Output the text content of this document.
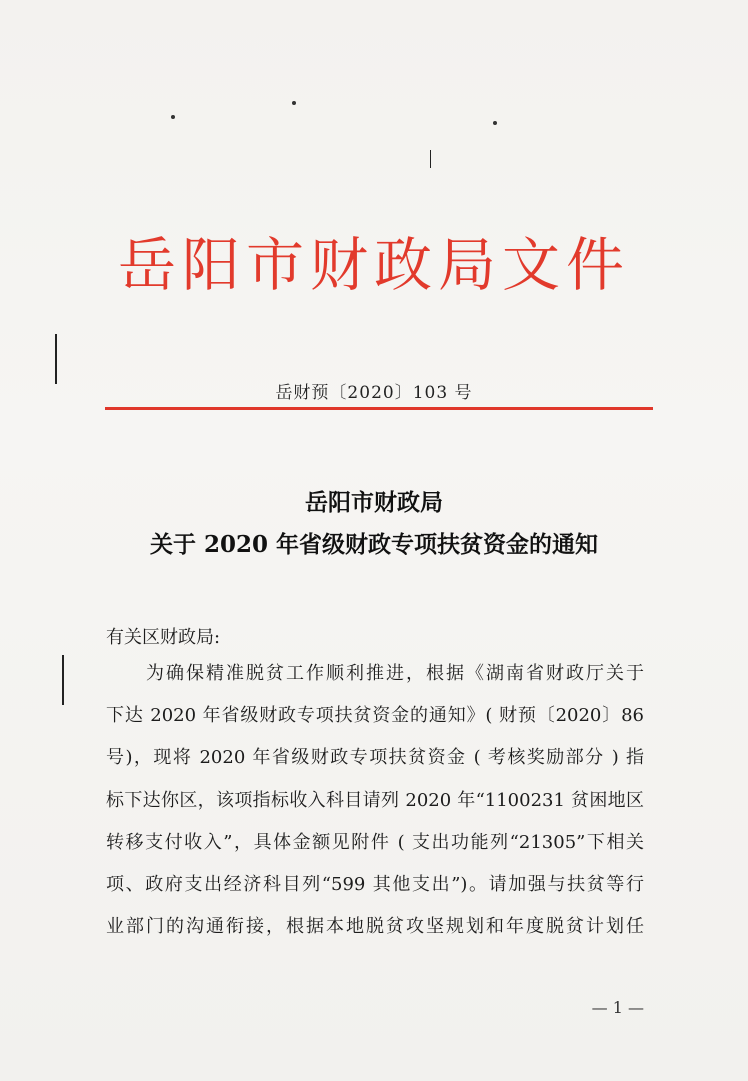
岳阳市财政局文件
岳财预〔2020〕103 号
岳阳市财政局
关于 2020 年省级财政专项扶贫资金的通知
有关区财政局:
为确保精准脱贫工作顺利推进，根据《湖南省财政厅关于
下达 2020 年省级财政专项扶贫资金的通知》( 财预〔2020〕86
号)，现将 2020 年省级财政专项扶贫资金 ( 考核奖励部分 ) 指
标下达你区，该项指标收入科目请列 2020 年“1100231 贫困地区
转移支付收入”，具体金额见附件 ( 支出功能列“21305”下相关
项、政府支出经济科目列“599 其他支出”)。请加强与扶贫等行
业部门的沟通衔接，根据本地脱贫攻坚规划和年度脱贫计划任
— 1 —
